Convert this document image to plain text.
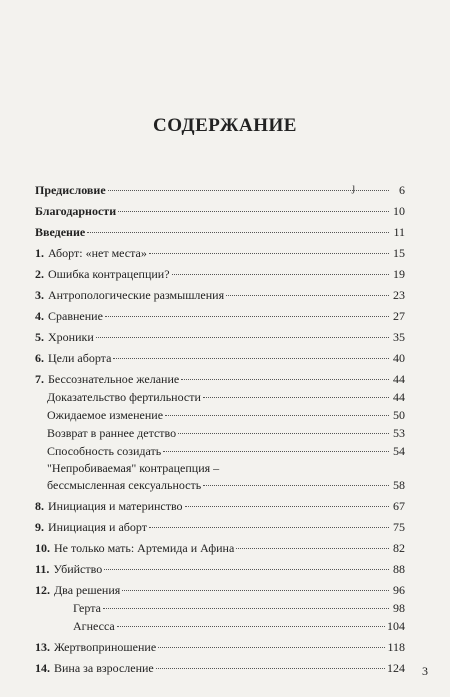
СОДЕРЖАНИЕ
ȷ
Предисловие	6
Благодарности	10
Введение	11
1. Аборт: «нет места»	15
2. Ошибка контрацепции?	19
3. Антропологические размышления	23
4. Сравнение	27
5. Хроники	35
6. Цели аборта	40
7. Бессознательное желание	44
Доказательство фертильности	44
Ожидаемое изменение	50
Возврат в раннее детство	53
Способность созидать	54
"Непробиваемая" контрацепция –
бессмысленная сексуальность	58
8. Инициация и материнство	67
9. Инициация и аборт	75
10. Не только мать: Артемида и Афина	82
11. Убийство	88
12. Два решения	96
Герта	98
Агнесса	104
13. Жертвоприношение	118
14. Вина за взросление	124 3
